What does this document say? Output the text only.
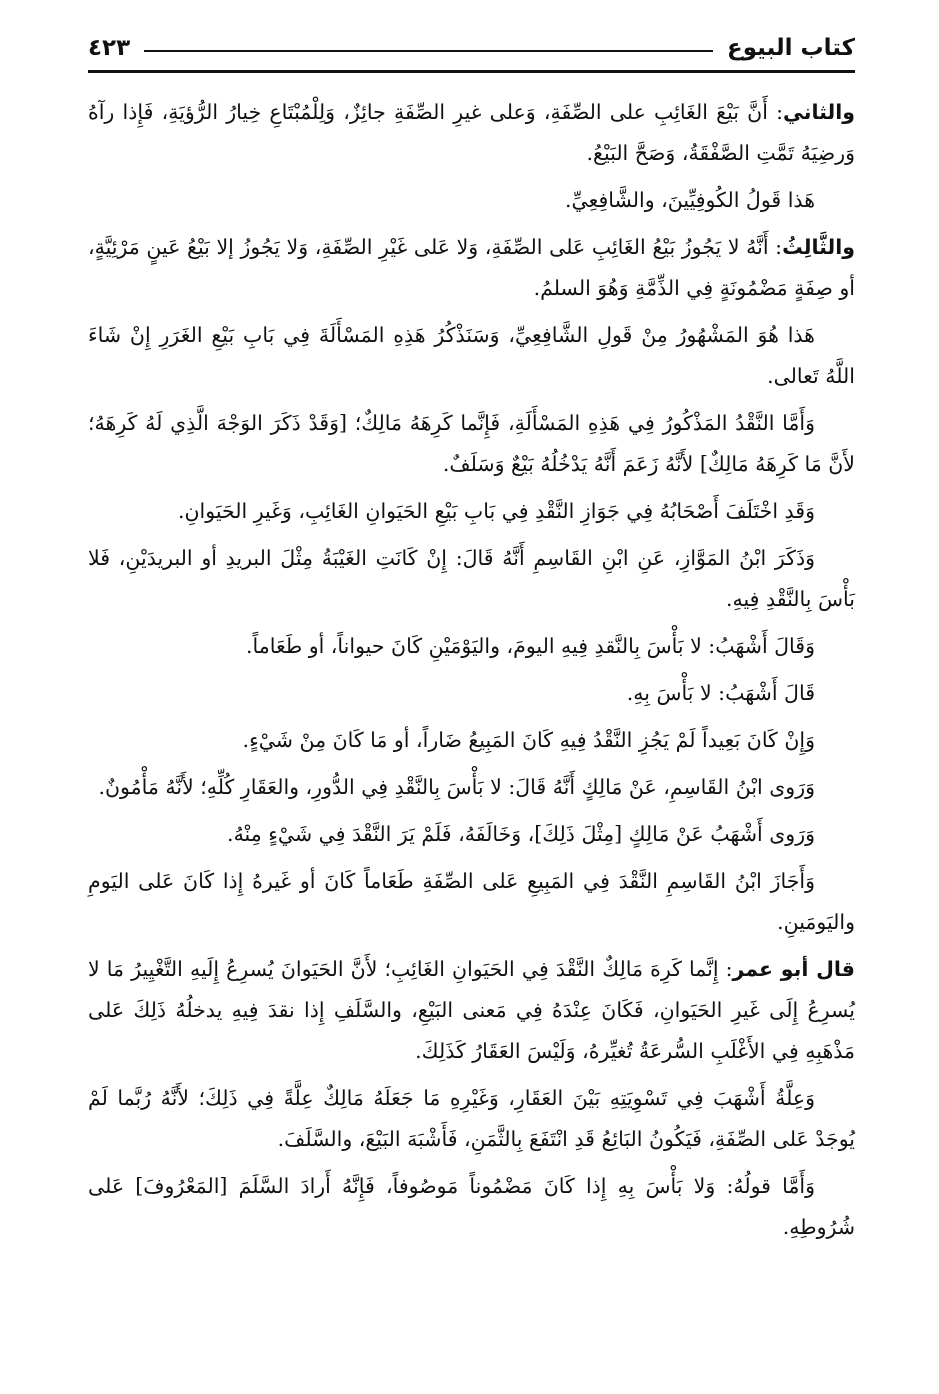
كتاب البيوع
٤٢٣

والثاني: أَنَّ بَيْعَ الغَائِبِ على الصِّفَةِ، وَعلى غيرِ الصِّفَةِ جائِزٌ، وَلِلْمُبْتَاعِ خِيارُ الرُّؤيَةِ، فَإِذا رآهُ وَرضِيَهُ تَمَّتِ الصَّفْقَةُ، وَصَحَّ البَيْعُ.

هَذا قَولُ الكُوفِيِّينَ، والشَّافِعِيِّ.

والثَّالِثُ: أَنَّهُ لا يَجُوزُ بَيْعُ الغَائِبِ عَلى الصِّفَةِ، وَلا عَلى غَيْرِ الصِّفَةِ، وَلا يَجُوزُ إلا بَيْعُ عَينٍ مَرْئِيَّةٍ، أو صِفَةٍ مَضْمُونَةٍ فِي الذِّمَّةِ وَهُوَ السلمُ.

هَذا هُوَ المَشْهُورُ مِنْ قَولِ الشَّافِعِيِّ، وَسَنَذْكُرُ هَذِهِ المَسْأَلَةَ فِي بَابِ بَيْعِ الغَرَرِ إِنْ شَاءَ اللَّهُ تَعالى.

وَأَمَّا النَّقْدُ المَذْكُورُ فِي هَذِهِ المَسْأَلَةِ، فَإِنَّما كَرِهَهُ مَالِكٌ؛ [وَقَدْ ذَكَرَ الوَجْهَ الَّذِي لَهُ كَرِهَهُ؛ لأَنَّ مَا كَرِهَهُ مَالِكٌ] لأَنَّهُ زَعَمَ أَنَّهُ يَدْخُلُهُ بَيْعٌ وَسَلَفٌ.

وَقَدِ اخْتَلَفَ أَصْحَابُهُ فِي جَوَازِ النَّقْدِ فِي بَابِ بَيْعِ الحَيَوانِ الغَائِبِ، وَغَيرِ الحَيَوانِ.

وَذَكَرَ ابْنُ المَوَّازِ، عَنِ ابْنِ القَاسِمِ أَنَّهُ قَالَ: إِنْ كَانَتِ الغَيْبَةُ مِثْلَ البريدِ أو البريدَيْنِ، فَلا بَأْسَ بِالنَّقْدِ فِيهِ.

وَقَالَ أَشْهَبُ: لا بَأْسَ بِالنَّقدِ فِيهِ اليومَ، واليَوْمَيْنِ كَانَ حيواناً، أو طَعَاماً.

قَالَ أَشْهَبُ: لا بَأْسَ بِهِ.

وَإِنْ كَانَ بَعِيداً لَمْ يَجُزِ النَّقْدُ فِيهِ كَانَ المَبِيعُ ضَاراً، أو مَا كَانَ مِنْ شَيْءٍ.

وَرَوى ابْنُ القَاسِمِ، عَنْ مَالِكٍ أَنَّهُ قَالَ: لا بَأْسَ بِالنَّقْدِ فِي الدُّورِ، والعَقَارِ كُلِّهِ؛ لأَنَّهُ مَأْمُونٌ.

وَرَوى أَشْهَبُ عَنْ مَالِكٍ [مِثْلَ ذَلِكَ]، وَخَالَفَهُ، فَلَمْ يَرَ النَّقْدَ فِي شَيْءٍ مِنْهُ.

وَأَجَازَ ابْنُ القَاسِمِ النَّقْدَ فِي المَبِيعِ عَلى الصِّفَةِ طَعَاماً كَانَ أو غَيرهُ إِذا كَانَ عَلى اليَومِ واليَومَينِ.

قال أبو عمر: إِنَّما كَرِهَ مَالِكٌ النَّقْدَ فِي الحَيَوانِ الغَائِبِ؛ لأَنَّ الحَيَوانَ يُسرِعُ إِلَيهِ التَّغْيِيرُ مَا لا يُسرِعُ إِلَى غَيرِ الحَيَوانِ، فَكَانَ عِنْدَهُ فِي مَعنى البَيْعِ، والسَّلَفِ إِذا نقدَ فِيهِ يدخلُهُ ذَلِكَ عَلى مَذْهَبِهِ فِي الأَغْلَبِ السُّرعَةُ تُغيِّرهُ، وَلَيْسَ العَقَارُ كَذَلِكَ.

وَعِلَّةُ أَشْهَبَ فِي تَسْوِيَتِهِ بَيْنَ العَقَارِ، وَغَيْرِهِ مَا جَعَلَهُ مَالِكٌ عِلَّةً فِي ذَلِكَ؛ لأَنَّهُ رُبَّما لَمْ يُوجَدْ عَلى الصِّفَةِ، فَيَكُونُ البَائِعُ قَدِ انْتَفَعَ بِالثَّمَنِ، فَأَشْبَهَ البَيْعَ، والسَّلَفَ.

وَأَمَّا قولُهُ: وَلا بَأْسَ بِهِ إِذا كَانَ مَضْمُوناً مَوصُوفاً، فَإِنَّهُ أَرادَ السَّلَمَ [المَعْرُوفَ] عَلى شُرُوطِهِ.
